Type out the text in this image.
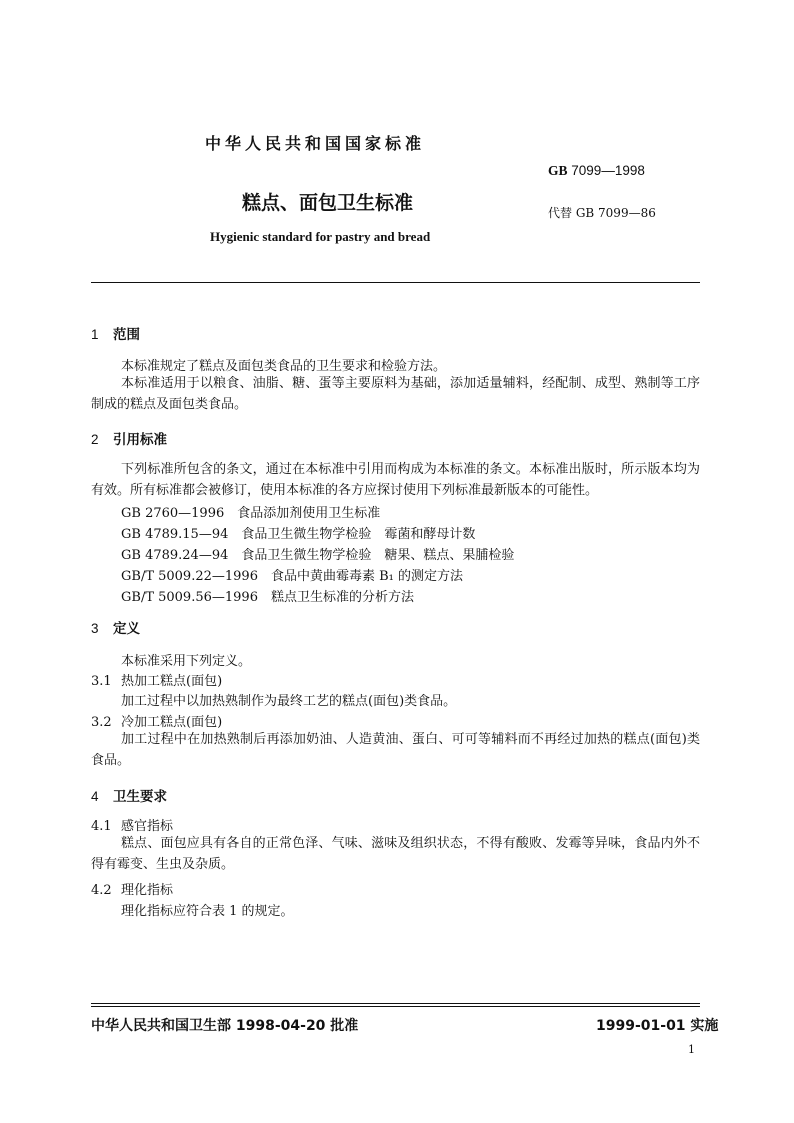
中华人民共和国国家标准
GB 7099—1998
糕点、面包卫生标准	代替 GB 7099—86
Hygienic standard for pastry and bread
1 范围
本标准规定了糕点及面包类食品的卫生要求和检验方法。
本标准适用于以粮食、油脂、糖、蛋等主要原料为基础，添加适量辅料，经配制、成型、熟制等工序制成的糕点及面包类食品。
2 引用标准
下列标准所包含的条文，通过在本标准中引用而构成为本标准的条文。本标准出版时，所示版本均为有效。所有标准都会被修订，使用本标准的各方应探讨使用下列标准最新版本的可能性。
GB 2760—1996　食品添加剂使用卫生标准
GB 4789.15—94　食品卫生微生物学检验　霉菌和酵母计数
GB 4789.24—94　食品卫生微生物学检验　糖果、糕点、果脯检验
GB/T 5009.22—1996　食品中黄曲霉毒素 B₁ 的测定方法
GB/T 5009.56—1996　糕点卫生标准的分析方法
3 定义
本标准采用下列定义。
3.1 热加工糕点(面包)
加工过程中以加热熟制作为最终工艺的糕点(面包)类食品。
3.2 冷加工糕点(面包)
加工过程中在加热熟制后再添加奶油、人造黄油、蛋白、可可等辅料而不再经过加热的糕点(面包)类食品。
4 卫生要求
4.1 感官指标
糕点、面包应具有各自的正常色泽、气味、滋味及组织状态，不得有酸败、发霉等异味，食品内外不得有霉变、生虫及杂质。
4.2 理化指标
理化指标应符合表 1 的规定。
中华人民共和国卫生部 1998-04-20 批准	1999-01-01 实施
1
